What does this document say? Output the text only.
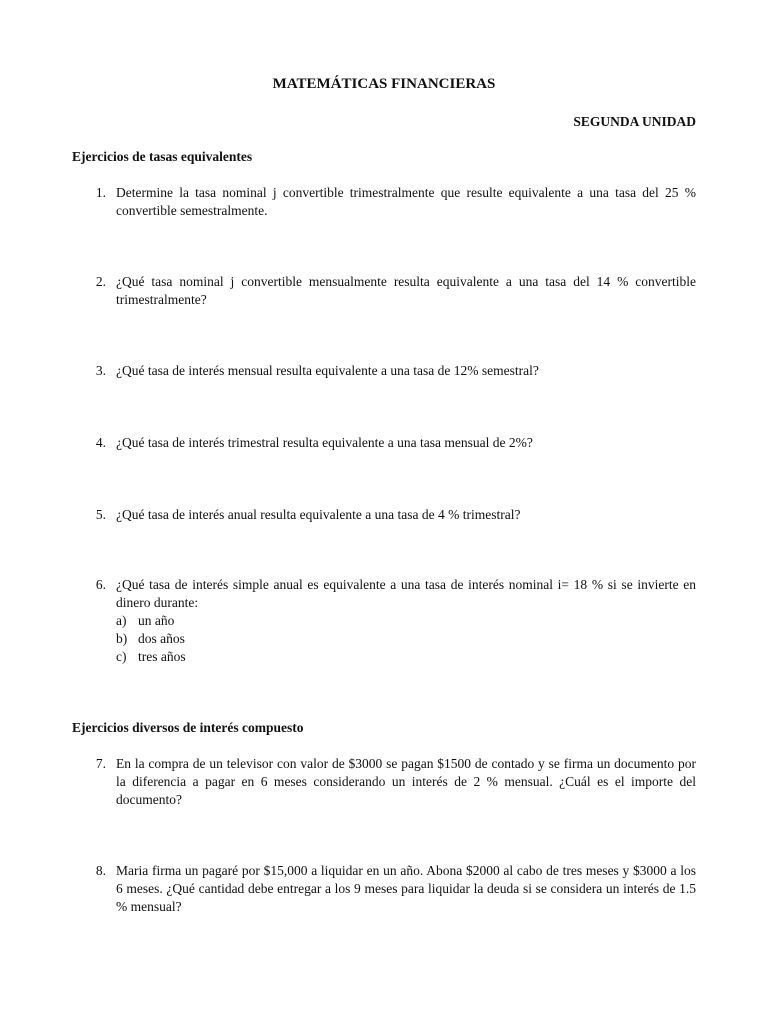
MATEMÁTICAS FINANCIERAS
SEGUNDA UNIDAD
Ejercicios de tasas equivalentes
1. Determine la tasa nominal j convertible trimestralmente que resulte equivalente a una tasa del 25 % convertible semestralmente.
2. ¿Qué tasa nominal j convertible mensualmente resulta equivalente a una tasa del 14 % convertible trimestralmente?
3. ¿Qué tasa de interés mensual resulta equivalente a una tasa de 12% semestral?
4. ¿Qué tasa de interés trimestral resulta equivalente a una tasa mensual de 2%?
5. ¿Qué tasa de interés anual resulta equivalente a una tasa de 4 % trimestral?
6. ¿Qué tasa de interés simple anual es equivalente a una tasa de interés nominal i= 18 % si se invierte en dinero durante:
a) un año
b) dos años
c) tres años
Ejercicios diversos de interés compuesto
7. En la compra de un televisor con valor de $3000 se pagan $1500 de contado y se firma un documento por la diferencia a pagar en 6 meses considerando un interés de 2 % mensual. ¿Cuál es el importe del documento?
8. Maria firma un pagaré por $15,000 a liquidar en un año. Abona $2000 al cabo de tres meses y $3000 a los 6 meses. ¿Qué cantidad debe entregar a los 9 meses para liquidar la deuda si se considera un interés de 1.5 % mensual?
